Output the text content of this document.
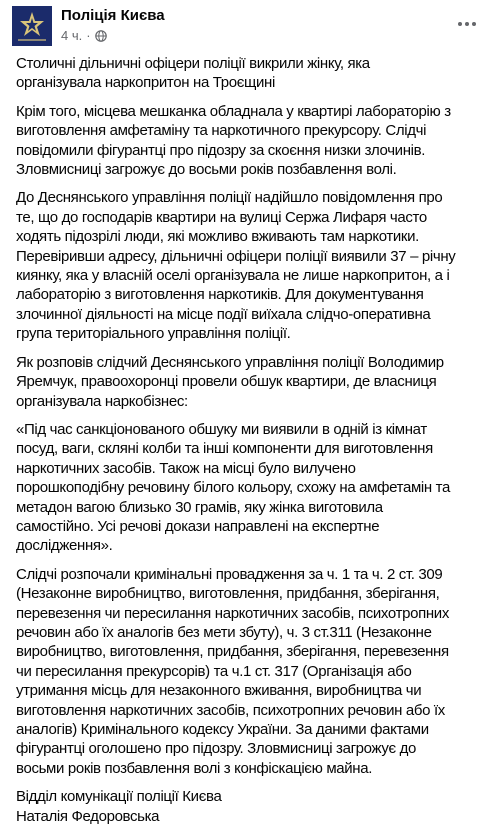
Поліція Києва
4 ч. ·

Столичні дільничні офіцери поліції викрили жінку, яка
організувала наркопритон на Троєщині

Крім того, місцева мешканка обладнала у квартирі лабораторію з
виготовлення амфетаміну та наркотичного прекурсору. Слідчі
повідомили фігурантці про підозру за скоєння низки злочинів.
Зловмисниці загрожує до восьми років позбавлення волі.

До Деснянського управління поліції надійшло повідомлення про
те, що до господарів квартири на вулиці Сержа Лифаря часто
ходять підозрілі люди, які можливо вживають там наркотики.
Перевіривши адресу, дільничні офіцери поліції виявили 37 – річну
киянку, яка у власній оселі організувала не лише наркопритон, а і
лабораторію з виготовлення наркотиків. Для документування
злочинної діяльності на місце події виїхала слідчо-оперативна
група територіального управління поліції.

Як розповів слідчий Деснянського управління поліції Володимир
Яремчук, правоохоронці провели обшук квартири, де власниця
організувала наркобізнес:

«Під час санкціонованого обшуку ми виявили в одній із кімнат
посуд, ваги, скляні колби та інші компоненти для виготовлення
наркотичних засобів. Також на місці було вилучено
порошкоподібну речовину білого кольору, схожу на амфетамін та
метадон вагою близько 30 грамів, яку жінка виготовила
самостійно. Усі речові докази направлені на експертне
дослідження».

Слідчі розпочали кримінальні провадження за ч. 1 та ч. 2 ст. 309
(Незаконне виробництво, виготовлення, придбання, зберігання,
перевезення чи пересилання наркотичних засобів, психотропних
речовин або їх аналогів без мети збуту), ч. 3 ст.311 (Незаконне
виробництво, виготовлення, придбання, зберігання, перевезення
чи пересилання прекурсорів) та ч.1 ст. 317 (Організація або
утримання місць для незаконного вживання, виробництва чи
виготовлення наркотичних засобів, психотропних речовин або їх
аналогів) Кримінального кодексу України. За даними фактами
фігурантці оголошено про підозру. Зловмисниці загрожує до
восьми років позбавлення волі з конфіскацією майна.

Відділ комунікації поліції Києва
Наталія Федоровська
